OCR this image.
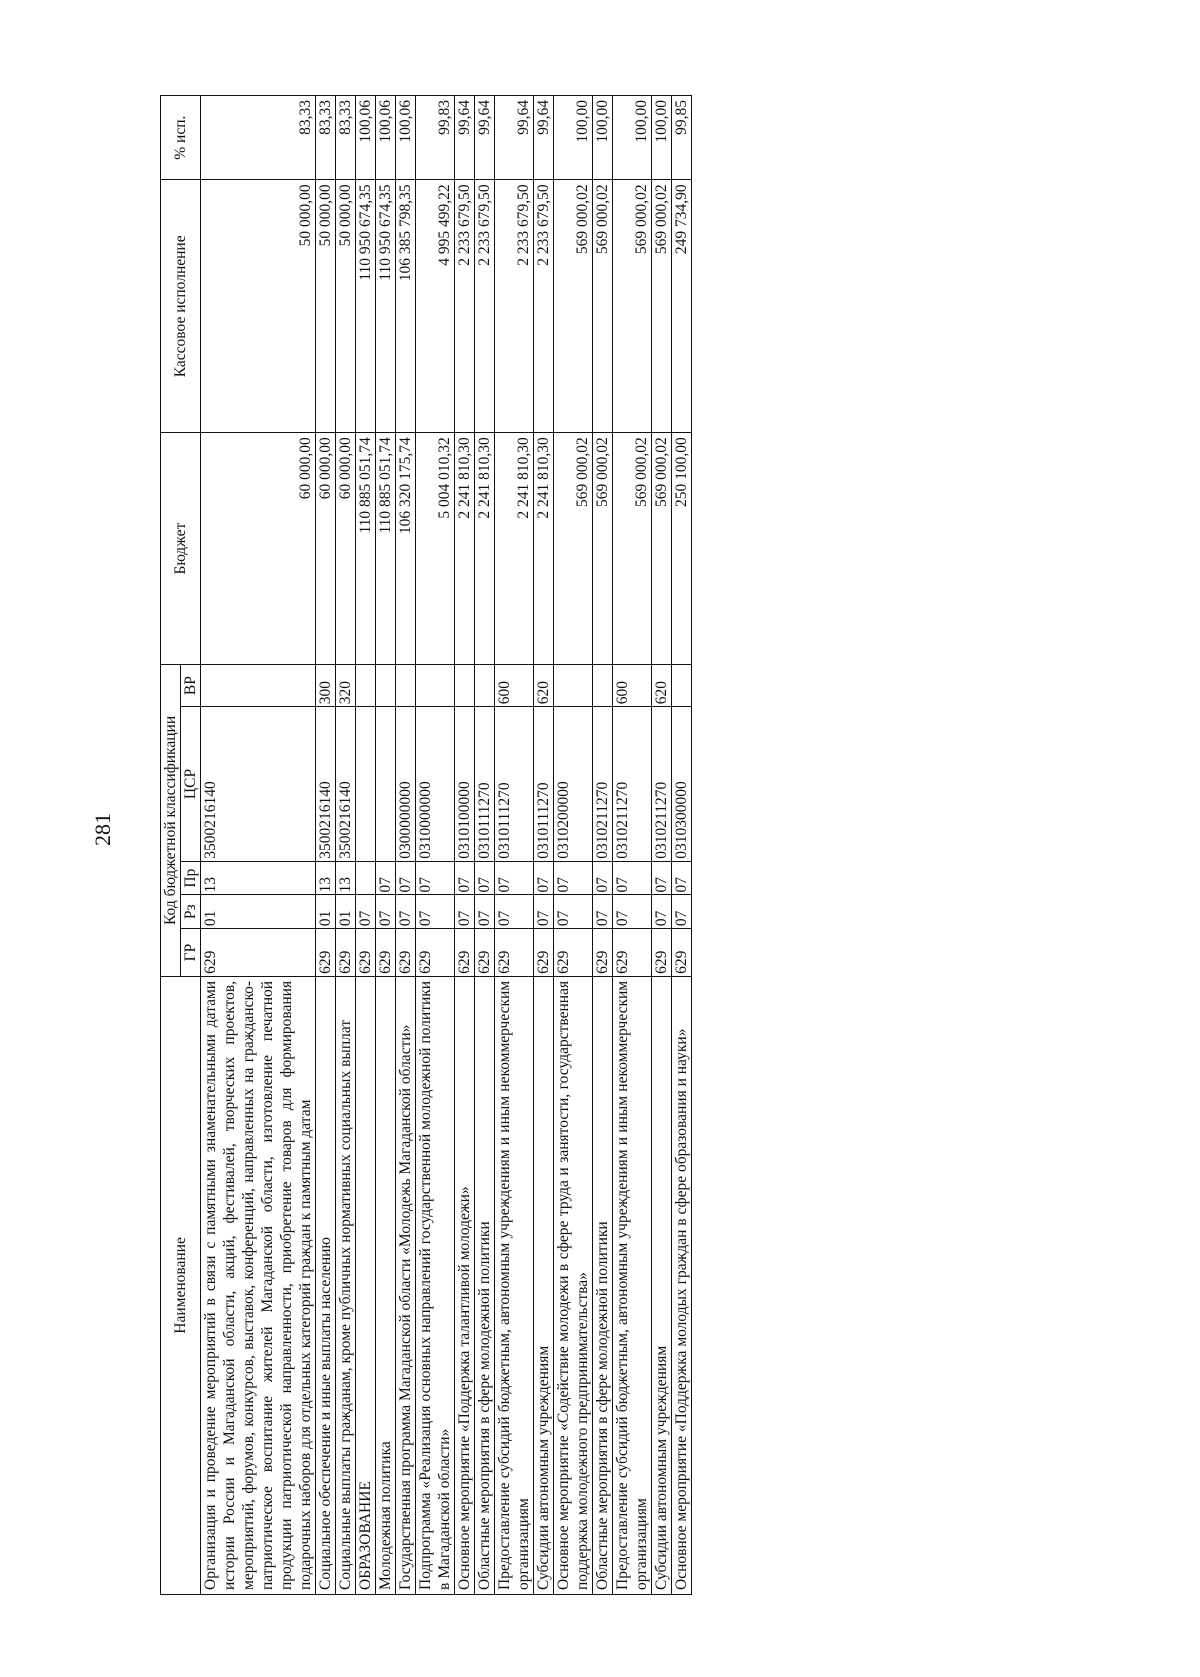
281
Наименование	Код бюджетной классификации					Бюджет	Кассовое исполнение	% исп.
	ГР	Рз	Пр	ЦСР	ВР			
Организация и проведение мероприятий в связи с памятными знаменательными датами истории России и Магаданской области, акций, фестивалей, творческих проектов, мероприятий, форумов, конкурсов, выставок, конференций, направленных на гражданско-патриотическое воспитание жителей Магаданской области, изготовление печатной продукции патриотической направленности, приобретение товаров для формирования подарочных наборов для отдельных категорий граждан к памятным датам	629	01	13	3500216140		60 000,00	50 000,00	83,33
Социальное обеспечение и иные выплаты населению	629	01	13	3500216140	300	60 000,00	50 000,00	83,33
Социальные выплаты гражданам, кроме публичных нормативных социальных выплат	629	01	13	3500216140	320	60 000,00	50 000,00	83,33
ОБРАЗОВАНИЕ	629	07				110 885 051,74	110 950 674,35	100,06
Молодежная политика	629	07	07			110 885 051,74	110 950 674,35	100,06
Государственная программа Магаданской области «Молодежь Магаданской области»	629	07	07	0300000000		106 320 175,74	106 385 798,35	100,06
Подпрограмма «Реализация основных направлений государственной молодежной политики в Магаданской области»	629	07	07	0310000000		5 004 010,32	4 995 499,22	99,83
Основное мероприятие «Поддержка талантливой молодежи»	629	07	07	0310100000		2 241 810,30	2 233 679,50	99,64
Областные мероприятия в сфере молодежной политики	629	07	07	0310111270		2 241 810,30	2 233 679,50	99,64
Предоставление субсидий бюджетным, автономным учреждениям и иным некоммерческим организациям	629	07	07	0310111270	600	2 241 810,30	2 233 679,50	99,64
Субсидии автономным учреждениям	629	07	07	0310111270	620	2 241 810,30	2 233 679,50	99,64
Основное мероприятие «Содействие молодежи в сфере труда и занятости, государственная поддержка молодежного предпринимательства»	629	07	07	0310200000		569 000,02	569 000,02	100,00
Областные мероприятия в сфере молодежной политики	629	07	07	0310211270		569 000,02	569 000,02	100,00
Предоставление субсидий бюджетным, автономным учреждениям и иным некоммерческим организациям	629	07	07	0310211270	600	569 000,02	569 000,02	100,00
Субсидии автономным учреждениям	629	07	07	0310211270	620	569 000,02	569 000,02	100,00
Основное мероприятие «Поддержка молодых граждан в сфере образования и науки»	629	07	07	0310300000		250 100,00	249 734,90	99,85
